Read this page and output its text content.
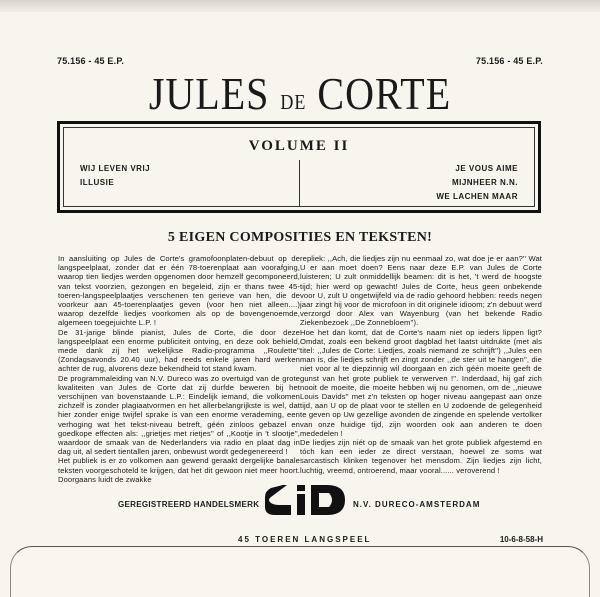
75.156 - 45 E.P.	75.156 - 45 E.P.
JULES DE CORTE
VOLUME II
WIJ LEVEN VRIJ
ILLUSIE
JE VOUS AIME
MIJNHEER N.N.
WE LACHEN MAAR
5 EIGEN COMPOSITIES EN TEKSTEN!

In aansluiting op Jules de Corte's gramofoonplaten-debuut op de langspeelplaat, zonder dat er één 78-toerenplaat aan voorafging, waarop tien liedjes werden opgenomen door hemzelf gecomponeerd, van tekst voorzien, gezongen en begeleid, zijn er thans twee 45-toeren-langspeelplaatjes verschenen ten gerieve van hen, die de voorkeur aan 45-toerenplaatjes geven (voor hen niet alleen....) waarop dezelfde liedjes voorkomen als op de bovengenoemde, algemeen toegejuichte L.P. !

De 31-jarige blinde pianist, Jules de Corte, die door deze langspeelplaat een enorme publiciteit ontving, en deze ook behield, mede dank zij het wekelijkse Radio-programma ,,Roulette'' (Zondagsavonds 20.40 uur), had reeds enkele jaren hard werken achter de rug, alvorens deze bekendheid tot stand kwam.

De programmaleiding van N.V. Dureco was zo overtuigd van de grote kwaliteiten van Jules de Corte dat zij durfde beweren bij het verschijnen van bovenstaande L.P.: Eindelijk iemand, die volkomen zichzelf is zonder plagiaatvormen en het allerbelangrijkste is wel, dat hier zonder enige twijfel sprake is van een enorme verademing, een verhoging wat het tekst-niveau betreft, géén zinloos gebazel en goedkope effecten als: ,,grietjes met rietjes'' of ,,Kootje in 't slootje'', waardoor de smaak van de Nederlanders via radio en plaat dag in dag uit, al sedert tientallen jaren, onbewust wordt gedegenereerd !

Het publiek is er zo volkomen aan gewend geraakt dergelijke banale teksten voorgeschoteld te krijgen, dat het dit gewoon niet meer hoort. Doorgaans luidt de zwakke

repliek: ,,Ach, die liedjes zijn nu eenmaal zo, wat doe je er aan?'' Wat U er aan moet doen? Eens naar deze E.P. van Jules de Corte luisteren; U zult onmiddellijk beamen: dit is het, 't werd de hoogste tijd; hier werd op gewacht! Jules de Corte, heus geen onbekende voor U, zult U ongetwijfeld via de radio gehoord hebben: reeds negen jaar zingt hij voor de microfoon in dit originele idioom; z'n debuut werd verzorgd door Alex van Wayenburg (van het bekende Radio Ziekenbezoek ,,De Zonnebloem'').

Hoe het dan komt, dat de Corte's naam niet op ieders lippen ligt? Omdat, zoals een bekend groot dagblad het laatst uitdrukte (met als titel: ,,Jules de Corte: Liedjes, zoals niemand ze schrijft'') ,,Jules een man is, die liedjes schrijft en zingt zonder ,,de ster uit te hangen'', die niet voor al te diepzinnig wil doorgaan en zich géén moeite geeft de gunst van het grote publiek te verwerven !''. Inderdaad, hij gaf zich nooit de moeite, die moeite hebben wij nu genomen, om de ,,nieuwe Louis Davids'' met z'n teksten op hoger niveau aangepast aan onze tijd, aan U op de plaat voor te stellen en U zodoende de gelegenheid te geven op Uw gezellige avonden de zingende en spelende vertolker van onze huidige tijd, zijn woorden ook aan anderen te doen mededelen !

De liedjes zijn niét op de smaak van het grote publiek afgestemd en tóch kan een ieder ze direct verstaan, hoewel ze soms wat sarcastisch klinken tegenover het mensdom. Zijn liedjes zijn licht, luchtig, vreemd, ontroerend, maar vooral...... veroverend !

GEREGISTREERD HANDELSMERK	N.V. DURECO-AMSTERDAM
45 TOEREN LANGSPEEL	10-6-8-58-H
